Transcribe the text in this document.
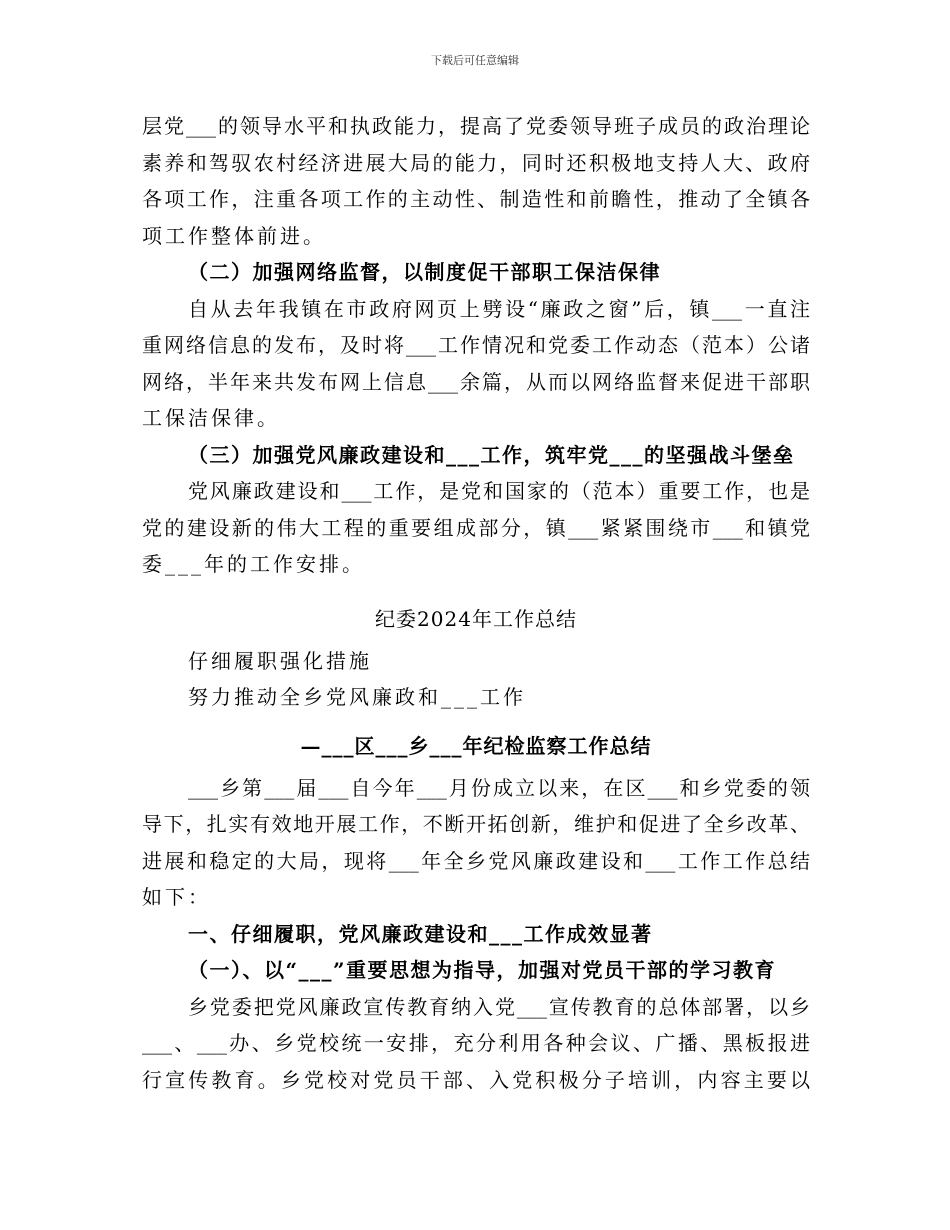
下载后可任意编辑
层党___的领导水平和执政能力，提高了党委领导班子成员的政治理论
素养和驾驭农村经济进展大局的能力，同时还积极地支持人大、政府
各项工作，注重各项工作的主动性、制造性和前瞻性，推动了全镇各
项工作整体前进。
（二）加强网络监督，以制度促干部职工保洁保律
自从去年我镇在市政府网页上劈设“廉政之窗”后，镇___一直注
重网络信息的发布，及时将___工作情况和党委工作动态（范本）公诸
网络，半年来共发布网上信息___余篇，从而以网络监督来促进干部职
工保洁保律。
（三）加强党风廉政建设和___工作，筑牢党___的坚强战斗堡垒
党风廉政建设和___工作，是党和国家的（范本）重要工作，也是
党的建设新的伟大工程的重要组成部分，镇___紧紧围绕市___和镇党
委___年的工作安排。
纪委2024年工作总结
仔细履职强化措施
努力推动全乡党风廉政和___工作
—___区___乡___年纪检监察工作总结
___乡第___届___自今年___月份成立以来，在区___和乡党委的领
导下，扎实有效地开展工作，不断开拓创新，维护和促进了全乡改革、
进展和稳定的大局，现将___年全乡党风廉政建设和___工作工作总结
如下：
一、仔细履职，党风廉政建设和___工作成效显著
（一）、以“___”重要思想为指导，加强对党员干部的学习教育
乡党委把党风廉政宣传教育纳入党___宣传教育的总体部署，以乡
___、___办、乡党校统一安排，充分利用各种会议、广播、黑板报进
行宣传教育。乡党校对党员干部、入党积极分子培训，内容主要以
